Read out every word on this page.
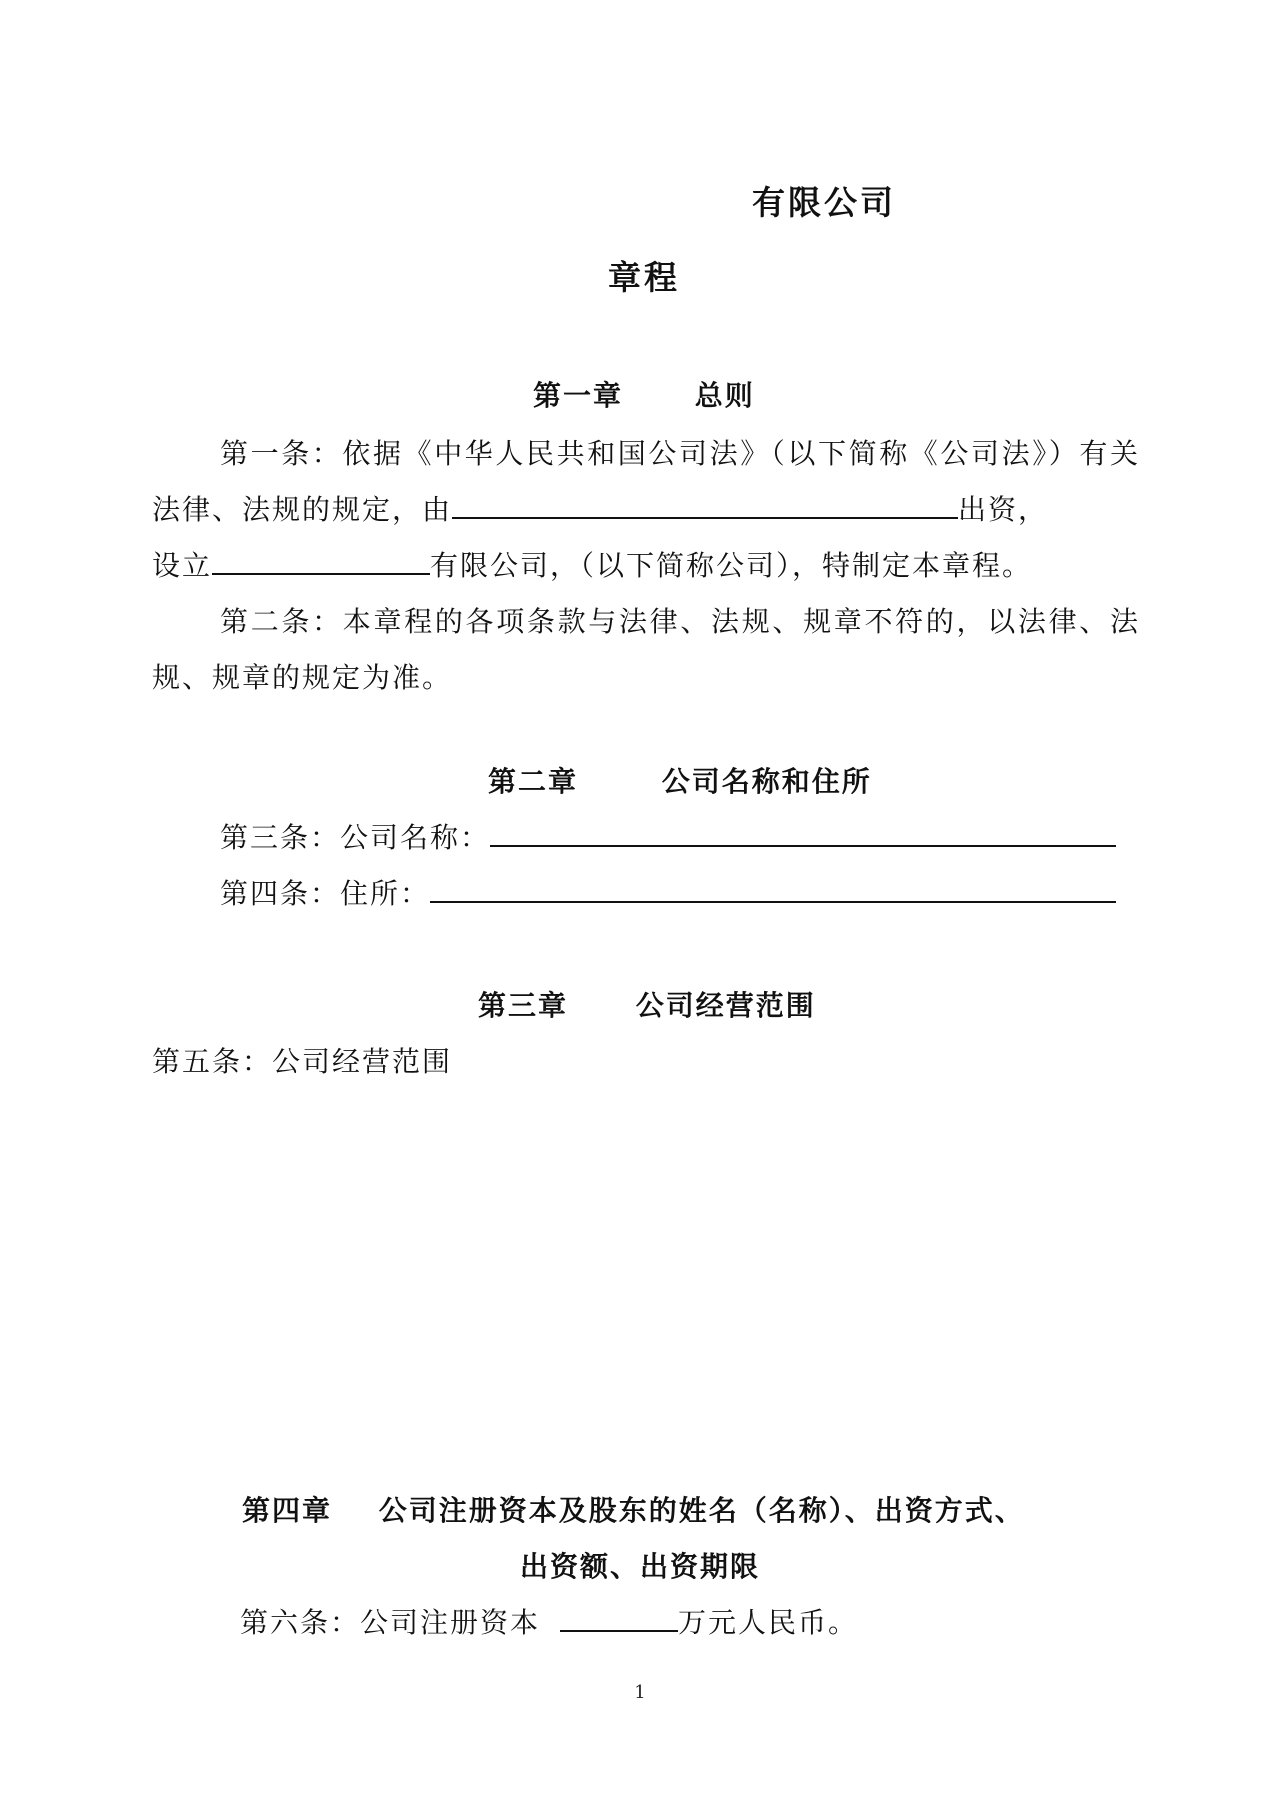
有限公司
章程
第一章	总则
第一条：依据《中华人民共和国公司法》（以下简称《公司法》）有关
法律、法规的规定，由	出资，
设立	有限公司，（以下简称公司），特制定本章程。
第二条：本章程的各项条款与法律、法规、规章不符的，以法律、法
规、规章的规定为准。
第二章	公司名称和住所
第三条：公司名称：
第四条：住所：
第三章 公司经营范围
第五条：公司经营范围
第四章 公司注册资本及股东的姓名（名称）、出资方式、
出资额、出资期限
第六条：公司注册资本	万元人民币。
1
